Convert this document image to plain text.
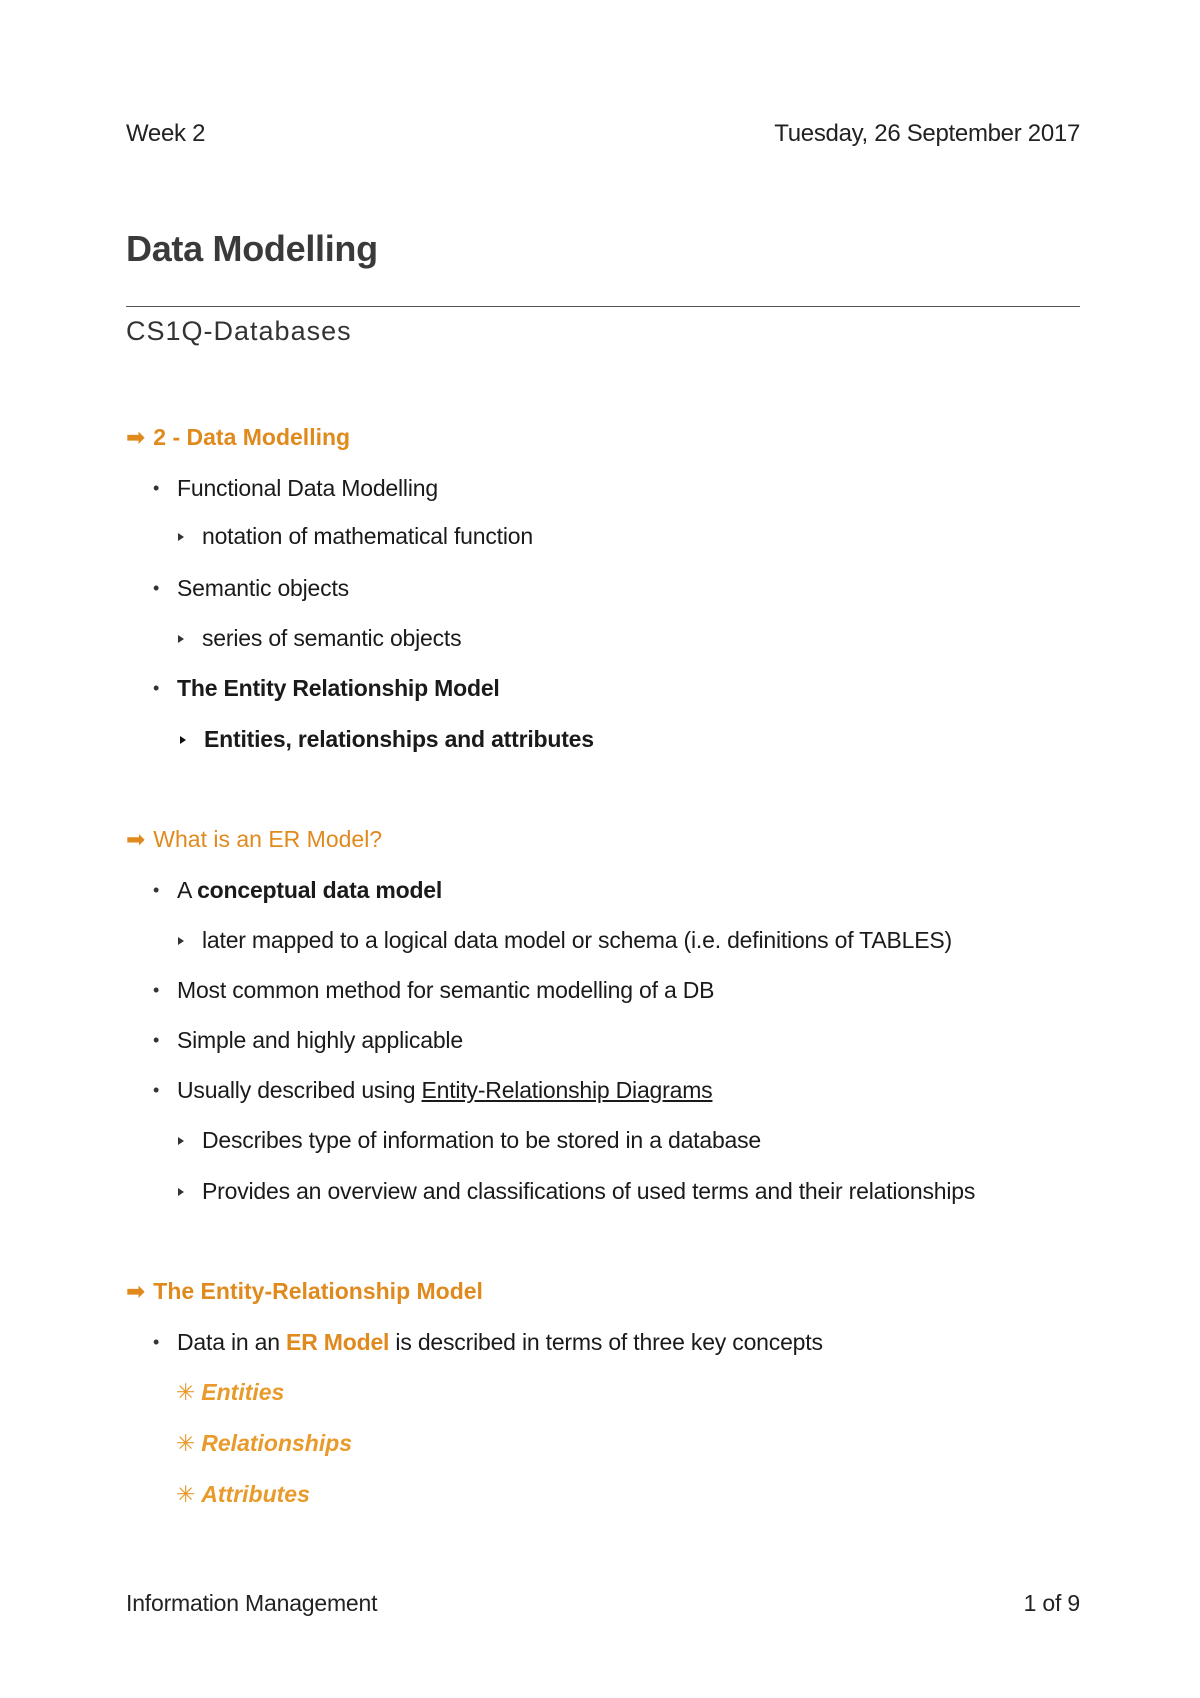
Week 2	Tuesday, 26 September 2017
Data Modelling
CS1Q-Databases
➡ 2 - Data Modelling
• Functional Data Modelling
notation of mathematical function
• Semantic objects
series of semantic objects
• The Entity Relationship Model
Entities, relationships and attributes
➡ What is an ER Model?
• A conceptual data model
later mapped to a logical data model or schema (i.e. definitions of TABLES)
• Most common method for semantic modelling of a DB
• Simple and highly applicable
• Usually described using Entity-Relationship Diagrams
Describes type of information to be stored in a database
Provides an overview and classifications of used terms and their relationships
➡ The Entity-Relationship Model
• Data in an ER Model is described in terms of three key concepts
✳ Entities
✳ Relationships
✳ Attributes
Information Management	1 of 9
